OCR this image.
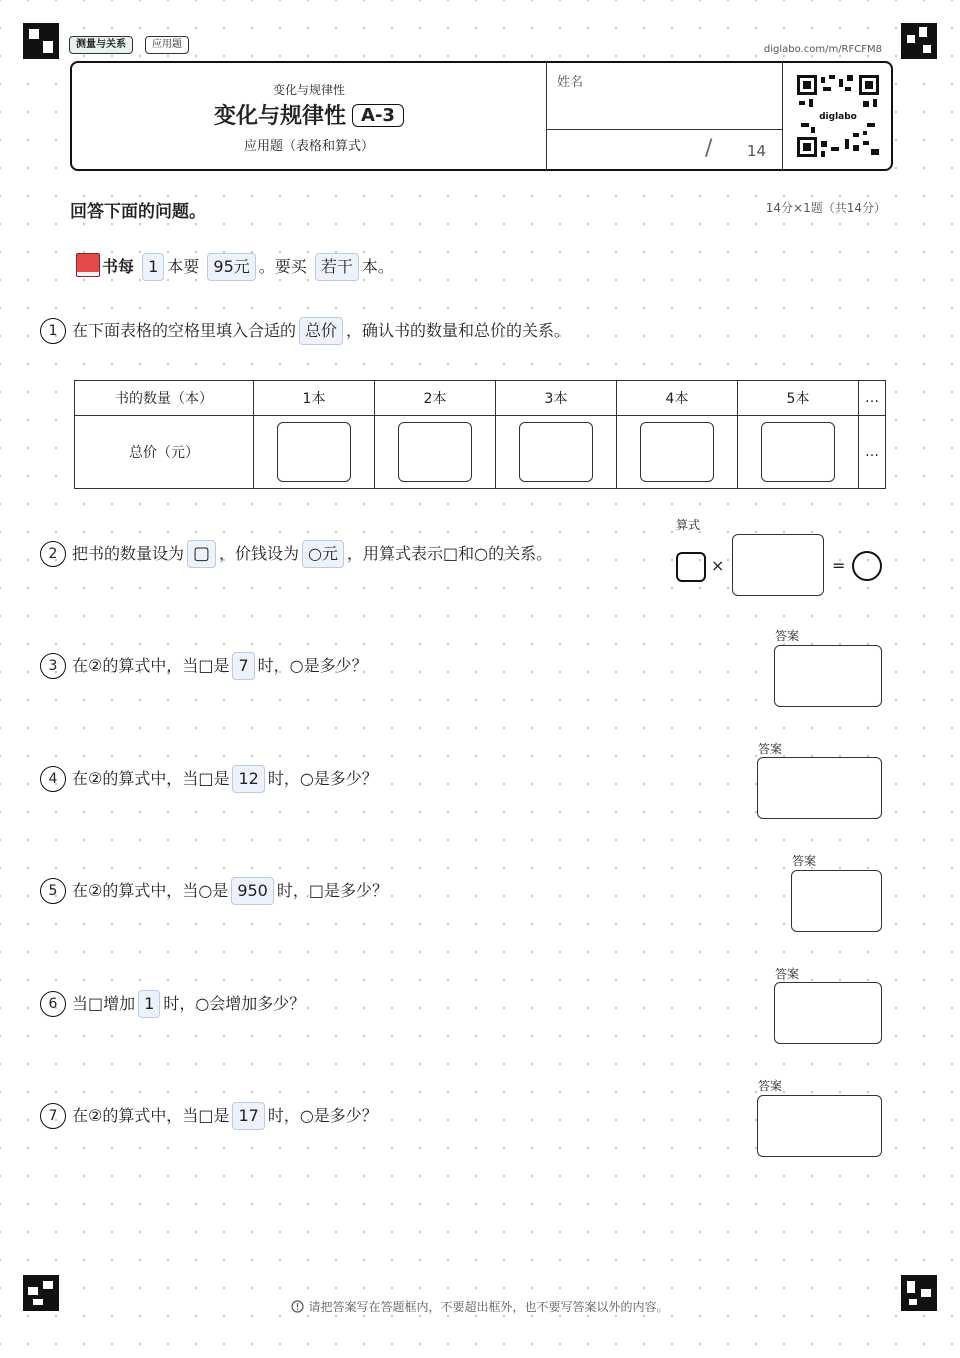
测量与关系	应用题	diglabo.com/m/RFCFM8
变化与规律性
变化与规律性 A-3
应用题（表格和算式）
姓名
/ 14
diglabo
回答下面的问题。	14分×1题（共14分）
书每 1 本要 95元 。要买 若干 本。
1 在下面表格的空格里填入合适的 总价 ，确认书的数量和总价的关系。
书的数量（本）	1本	2本	3本	4本	5本	…
总价（元）						…
2 把书的数量设为 ▢ ，价钱设为 ○元 ，用算式表示□和○的关系。
算式
×	=
3 在②的算式中，当□是 7 时，○是多少？
答案
4 在②的算式中，当□是 12 时，○是多少？
答案
5 在②的算式中，当○是 950 时，□是多少？
答案
6 当□增加 1 时，○会增加多少？
答案
7 在②的算式中，当□是 17 时，○是多少？
答案
请把答案写在答题框内，不要超出框外，也不要写答案以外的内容。
